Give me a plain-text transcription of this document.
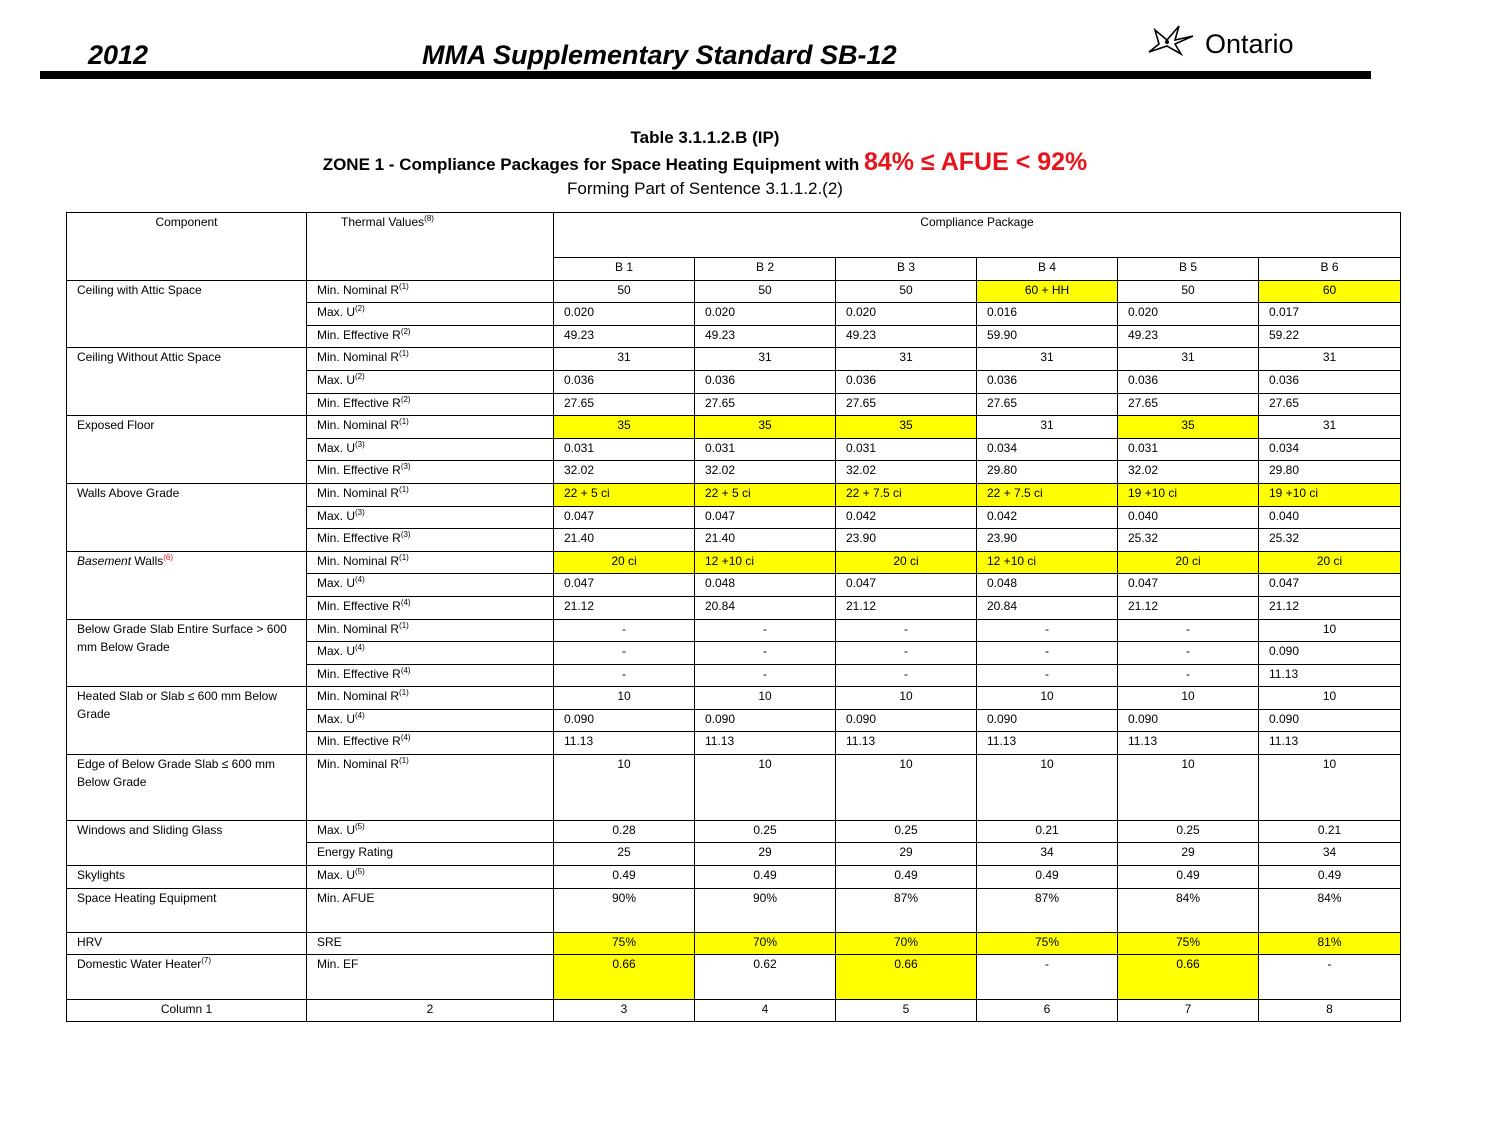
2012	MMA Supplementary Standard SB-12	Ontario
Table 3.1.1.2.B (IP)
ZONE 1 - Compliance Packages for Space Heating Equipment with 84% ≤ AFUE < 92%
Forming Part of Sentence 3.1.1.2.(2)
Component	Thermal Values$^{(8)}$	Compliance Package					
		B 1	B 2	B 3	B 4	B 5	B 6
Ceiling with Attic Space	Min. Nominal $R^{(1)}$	50	50	50	60 + HH	50	60
	Max. $U^{(2)}$	0.020	0.020	0.020	0.016	0.020	0.017
	Min. Effective $R^{(2)}$	49.23	49.23	49.23	59.90	49.23	59.22
Ceiling Without Attic Space	Min. Nominal $R^{(1)}$	31	31	31	31	31	31
	Max. $U^{(2)}$	0.036	0.036	0.036	0.036	0.036	0.036
	Min. Effective $R^{(2)}$	27.65	27.65	27.65	27.65	27.65	27.65
Exposed Floor	Min. Nominal $R^{(1)}$	35	35	35	31	35	31
	Max. $U^{(3)}$	0.031	0.031	0.031	0.034	0.031	0.034
	Min. Effective $R^{(3)}$	32.02	32.02	32.02	29.80	32.02	29.80
Walls Above Grade	Min. Nominal $R^{(1)}$	22 + 5 ci	22 + 5 ci	22 + 7.5 ci	22 + 7.5 ci	19 +10 ci	19 +10 ci
	Max. $U^{(3)}$	0.047	0.047	0.042	0.042	0.040	0.040
	Min. Effective $R^{(3)}$	21.40	21.40	23.90	23.90	25.32	25.32
Basement Walls$^{(6)}$	Min. Nominal $R^{(1)}$	20 ci	12 +10 ci	20 ci	12 +10 ci	20 ci	20 ci
	Max. $U^{(4)}$	0.047	0.048	0.047	0.048	0.047	0.047
	Min. Effective $R^{(4)}$	21.12	20.84	21.12	20.84	21.12	21.12
Below Grade Slab Entire Surface > 600 mm Below Grade	Min. Nominal $R^{(1)}$	-	-	-	-	-	10
	Max. $U^{(4)}$	-	-	-	-	-	0.090
	Min. Effective $R^{(4)}$	-	-	-	-	-	11.13
Heated Slab or Slab ≤ 600 mm Below Grade	Min. Nominal $R^{(1)}$	10	10	10	10	10	10
	Max. $U^{(4)}$	0.090	0.090	0.090	0.090	0.090	0.090
	Min. Effective $R^{(4)}$	11.13	11.13	11.13	11.13	11.13	11.13
Edge of Below Grade Slab ≤ 600 mm Below Grade	Min. Nominal $R^{(1)}$	10	10	10	10	10	10
Windows and Sliding Glass	Max. $U^{(5)}$	0.28	0.25	0.25	0.21	0.25	0.21
	Energy Rating	25	29	29	34	29	34
Skylights	Max. $U^{(5)}$	0.49	0.49	0.49	0.49	0.49	0.49
Space Heating Equipment	Min. AFUE	90%	90%	87%	87%	84%	84%
HRV	SRE	75%	70%	70%	75%	75%	81%
Domestic Water Heater$^{(7)}$	Min. EF	0.66	0.62	0.66	-	0.66	-
Column 1	2	3	4	5	6	7	8
